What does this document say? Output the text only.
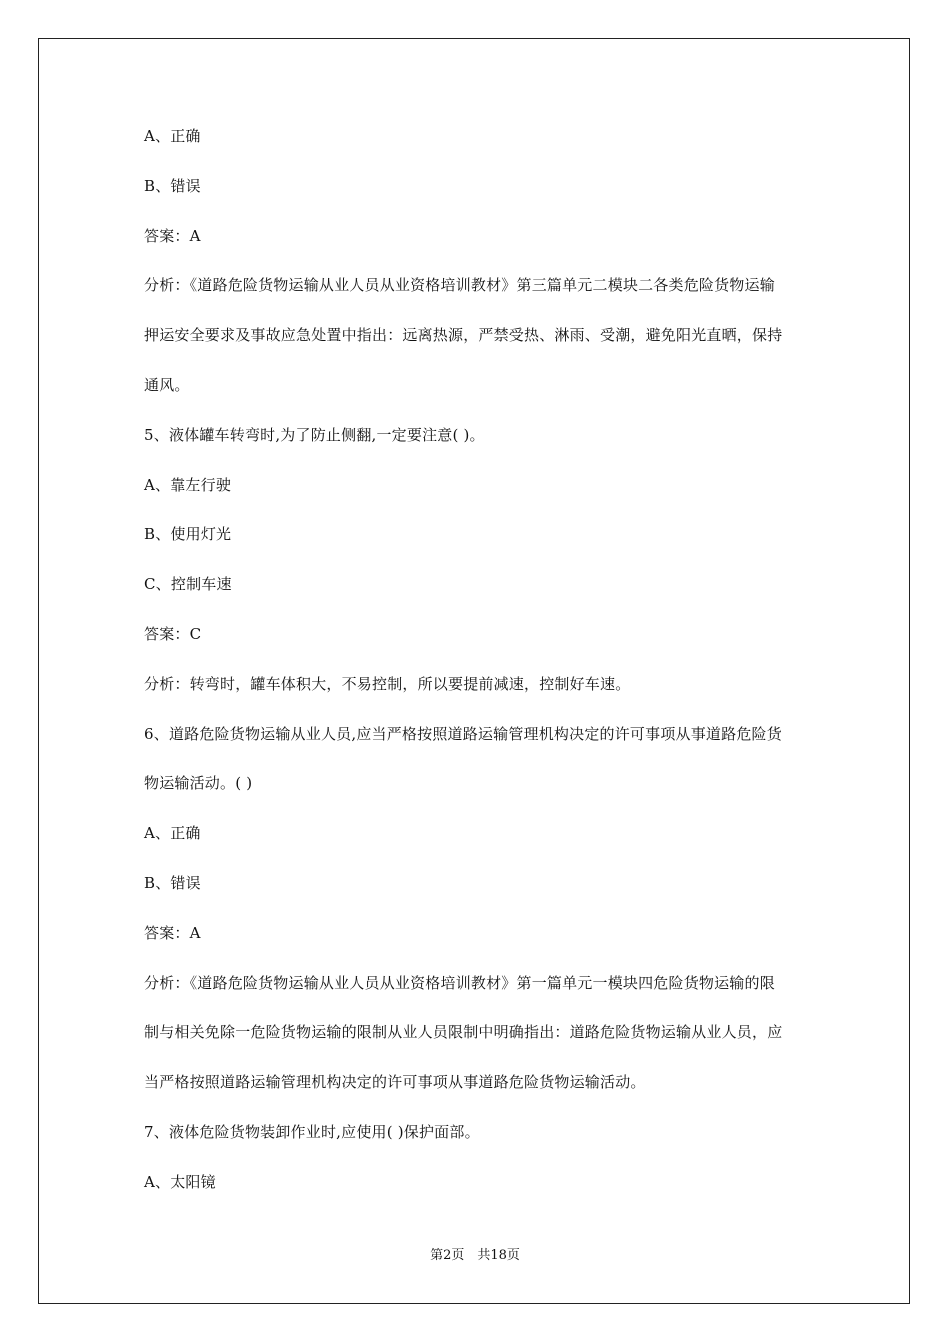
A、正确
B、错误
答案：A
分析：《道路危险货物运输从业人员从业资格培训教材》第三篇单元二模块二各类危险货物运输
押运安全要求及事故应急处置中指出：远离热源，严禁受热、淋雨、受潮，避免阳光直晒，保持
通风。
5、液体罐车转弯时,为了防止侧翻,一定要注意( )。
A、靠左行驶
B、使用灯光
C、控制车速
答案：C
分析：转弯时，罐车体积大，不易控制，所以要提前减速，控制好车速。
6、道路危险货物运输从业人员,应当严格按照道路运输管理机构决定的许可事项从事道路危险货
物运输活动。( )
A、正确
B、错误
答案：A
分析：《道路危险货物运输从业人员从业资格培训教材》第一篇单元一模块四危险货物运输的限
制与相关免除一危险货物运输的限制从业人员限制中明确指出：道路危险货物运输从业人员，应
当严格按照道路运输管理机构决定的许可事项从事道路危险货物运输活动。
7、液体危险货物装卸作业时,应使用( )保护面部。
A、太阳镜
第2页　共18页
